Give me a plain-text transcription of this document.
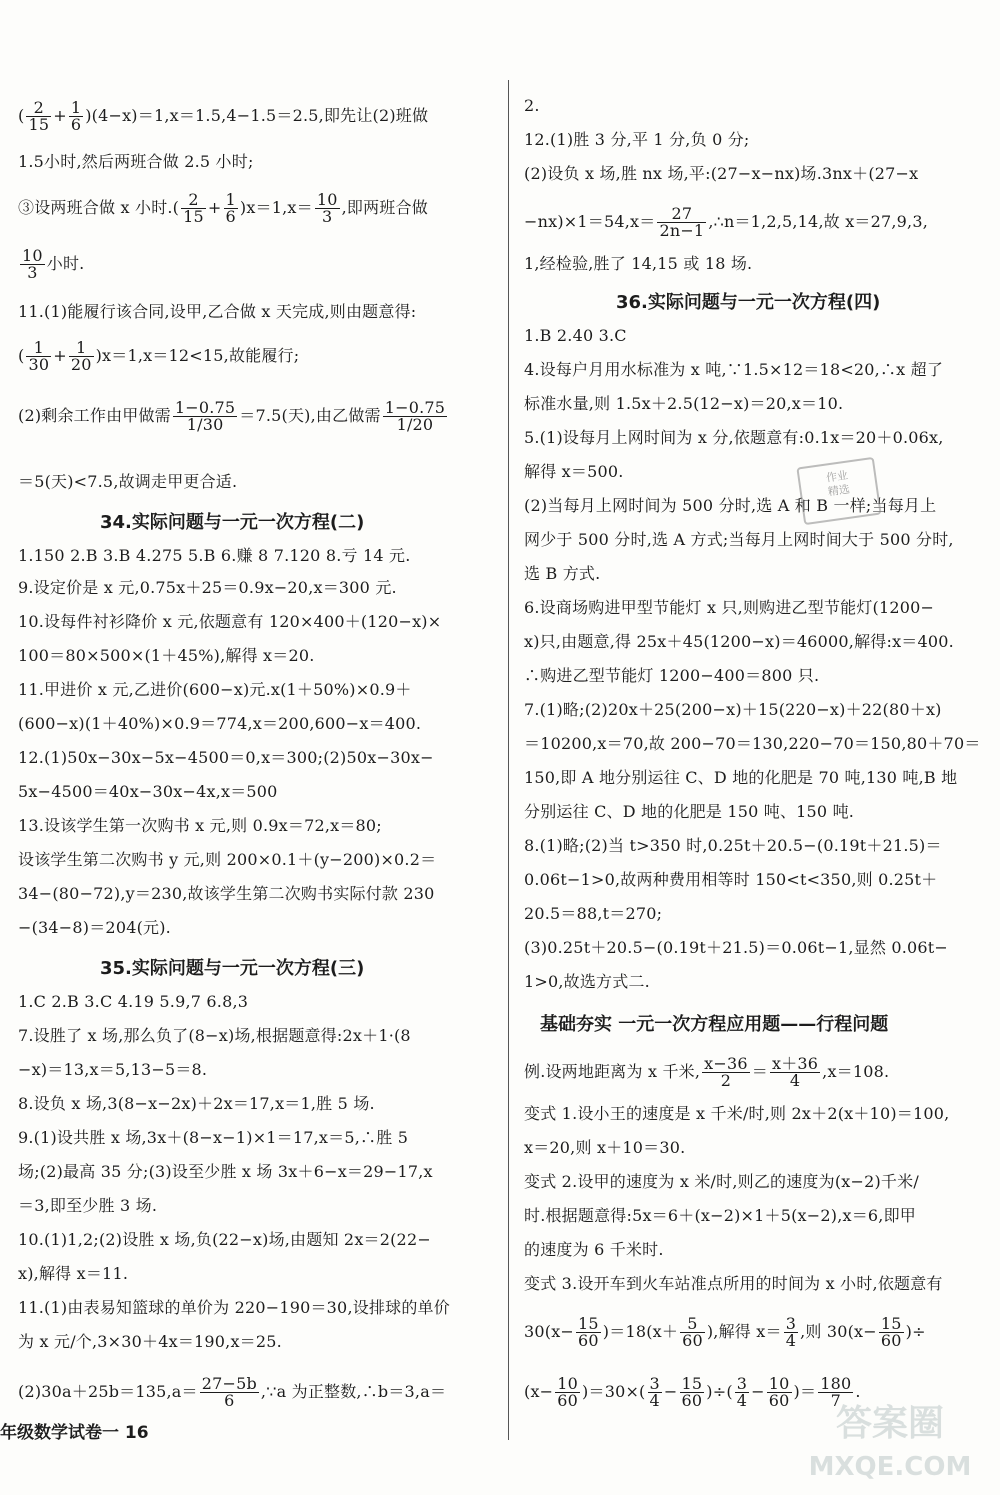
( $\frac{2}{15} + \frac{1}{6} )(4-x)=1,x=1.5,4-1.5=2.5$,即先让(2)班做
1.5小时,然后两班合做 2.5 小时;
③设两班合做 x 小时.( $\frac{2}{15} + \frac{1}{6} )x=1,x= \frac{10}{3}$ ,即两班合做
$\frac{10}{3}$ 小时.
11.(1)能履行该合同,设甲,乙合做 x 天完成,则由题意得:
( $\frac{1}{30} + \frac{1}{20} )x=1,x=12<15$,故能履行;
(2)剩余工作由甲做需 $\frac{1-0.75}{1/30} =7.5$(天),由乙做需 $\frac{1-0.75}{1/20}$
＝5(天)<7.5,故调走甲更合适.
34.实际问题与一元一次方程(二)
1.150 2.B 3.B 4.275 5.B 6.赚 8 7.120 8.亏 14 元.
9.设定价是 x 元,0.75x＋25＝0.9x−20,x＝300 元.
10.设每件衬衫降价 x 元,依题意有 120×400＋(120−x)×
100＝80×500×(1＋45%),解得 x＝20.
11.甲进价 x 元,乙进价(600−x)元.x(1＋50%)×0.9＋
(600−x)(1＋40%)×0.9＝774,x＝200,600−x＝400.
12.(1)50x−30x−5x−4500＝0,x＝300;(2)50x−30x−
5x−4500＝40x−30x−4x,x＝500
13.设该学生第一次购书 x 元,则 0.9x＝72,x＝80;
设该学生第二次购书 y 元,则 200×0.1＋(y−200)×0.2＝
34−(80−72),y＝230,故该学生第二次购书实际付款 230
−(34−8)＝204(元).
35.实际问题与一元一次方程(三)
1.C 2.B 3.C 4.19 5.9,7 6.8,3
7.设胜了 x 场,那么负了(8−x)场,根据题意得:2x＋1·(8
−x)＝13,x＝5,13−5＝8.
8.设负 x 场,3(8−x−2x)＋2x＝17,x＝1,胜 5 场.
9.(1)设共胜 x 场,3x＋(8−x−1)×1＝17,x＝5,∴胜 5
场;(2)最高 35 分;(3)设至少胜 x 场 3x＋6−x＝29−17,x
＝3,即至少胜 3 场.
10.(1)1,2;(2)设胜 x 场,负(22−x)场,由题知 2x＝2(22−
x),解得 x＝11.
11.(1)由表易知篮球的单价为 220−190＝30,设排球的单价
为 x 元/个,3×30＋4x＝190,x＝25.
$(2)30a+25b=135,a= \frac{27-5b}{6}$ ,∵a 为正整数,∴b＝3,a＝
年级数学试卷一 16
2.
12.(1)胜 3 分,平 1 分,负 0 分;
(2)设负 x 场,胜 nx 场,平:(27−x−nx)场.3nx＋(27−x
$-nx)\times 1=54,x= \frac{27}{2n-1}$ ,∴n＝1,2,5,14,故 x＝27,9,3,
1,经检验,胜了 14,15 或 18 场.
36.实际问题与一元一次方程(四)
1.B 2.40 3.C
4.设每户月用水标准为 x 吨,∵1.5×12＝18<20,∴x 超了
标准水量,则 1.5x＋2.5(12−x)＝20,x＝10.
5.(1)设每月上网时间为 x 分,依题意有:0.1x＝20＋0.06x,
解得 x＝500.
(2)当每月上网时间为 500 分时,选 A 和 B 一样;当每月上
网少于 500 分时,选 A 方式;当每月上网时间大于 500 分时,
选 B 方式.
6.设商场购进甲型节能灯 x 只,则购进乙型节能灯(1200−
x)只,由题意,得 25x＋45(1200−x)＝46000,解得:x＝400.
∴购进乙型节能灯 1200−400＝800 只.
7.(1)略;(2)20x＋25(200−x)＋15(220−x)＋22(80＋x)
＝10200,x＝70,故 200−70＝130,220−70＝150,80＋70＝
150,即 A 地分别运往 C、D 地的化肥是 70 吨,130 吨,B 地
分别运往 C、D 地的化肥是 150 吨、150 吨.
8.(1)略;(2)当 t>350 时,0.25t＋20.5−(0.19t＋21.5)＝
0.06t−1>0,故两种费用相等时 150<t<350,则 0.25t＋
20.5＝88,t＝270;
(3)0.25t＋20.5−(0.19t＋21.5)＝0.06t−1,显然 0.06t−
1>0,故选方式二.
基础夯实 一元一次方程应用题——行程问题
例.设两地距离为 x 千米, $\frac{x-36}{2} = \frac{x+36}{4} ,x=108$.
变式 1.设小王的速度是 x 千米/时,则 2x＋2(x＋10)＝100,
x＝20,则 x＋10＝30.
变式 2.设甲的速度为 x 米/时,则乙的速度为(x−2)千米/
时.根据题意得:5x＝6＋(x−2)×1＋5(x−2),x＝6,即甲
的速度为 6 千米时.
变式 3.设开车到火车站准点所用的时间为 x 小时,依题意有
$30(x- \frac{15}{60} )=18(x+ \frac{5}{60}$ ),解得 $x= \frac{3}{4}$ ,则 $30(x- \frac{15}{60}$ )÷
$(x- \frac{10}{60} )=30\times( \frac{3}{4} - \frac{15}{60}$ )÷( $\frac{3}{4} - \frac{10}{60}$ )＝ $\frac{180}{7}$ .
作业
精选
答案圈
MXQE.COM
